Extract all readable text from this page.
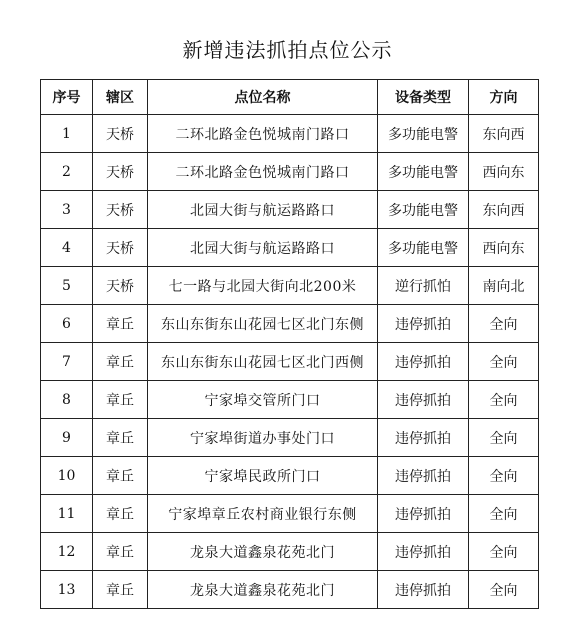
新增违法抓拍点位公示
序号	辖区	点位名称	设备类型	方向
1	天桥	二环北路金色悦城南门路口	多功能电警	东向西
2	天桥	二环北路金色悦城南门路口	多功能电警	西向东
3	天桥	北园大街与航运路路口	多功能电警	东向西
4	天桥	北园大街与航运路路口	多功能电警	西向东
5	天桥	七一路与北园大街向北200米	逆行抓怕	南向北
6	章丘	东山东街东山花园七区北门东侧	违停抓拍	全向
7	章丘	东山东街东山花园七区北门西侧	违停抓拍	全向
8	章丘	宁家埠交管所门口	违停抓拍	全向
9	章丘	宁家埠街道办事处门口	违停抓拍	全向
10	章丘	宁家埠民政所门口	违停抓拍	全向
11	章丘	宁家埠章丘农村商业银行东侧	违停抓拍	全向
12	章丘	龙泉大道鑫泉花苑北门	违停抓拍	全向
13	章丘	龙泉大道鑫泉花苑北门	违停抓拍	全向
